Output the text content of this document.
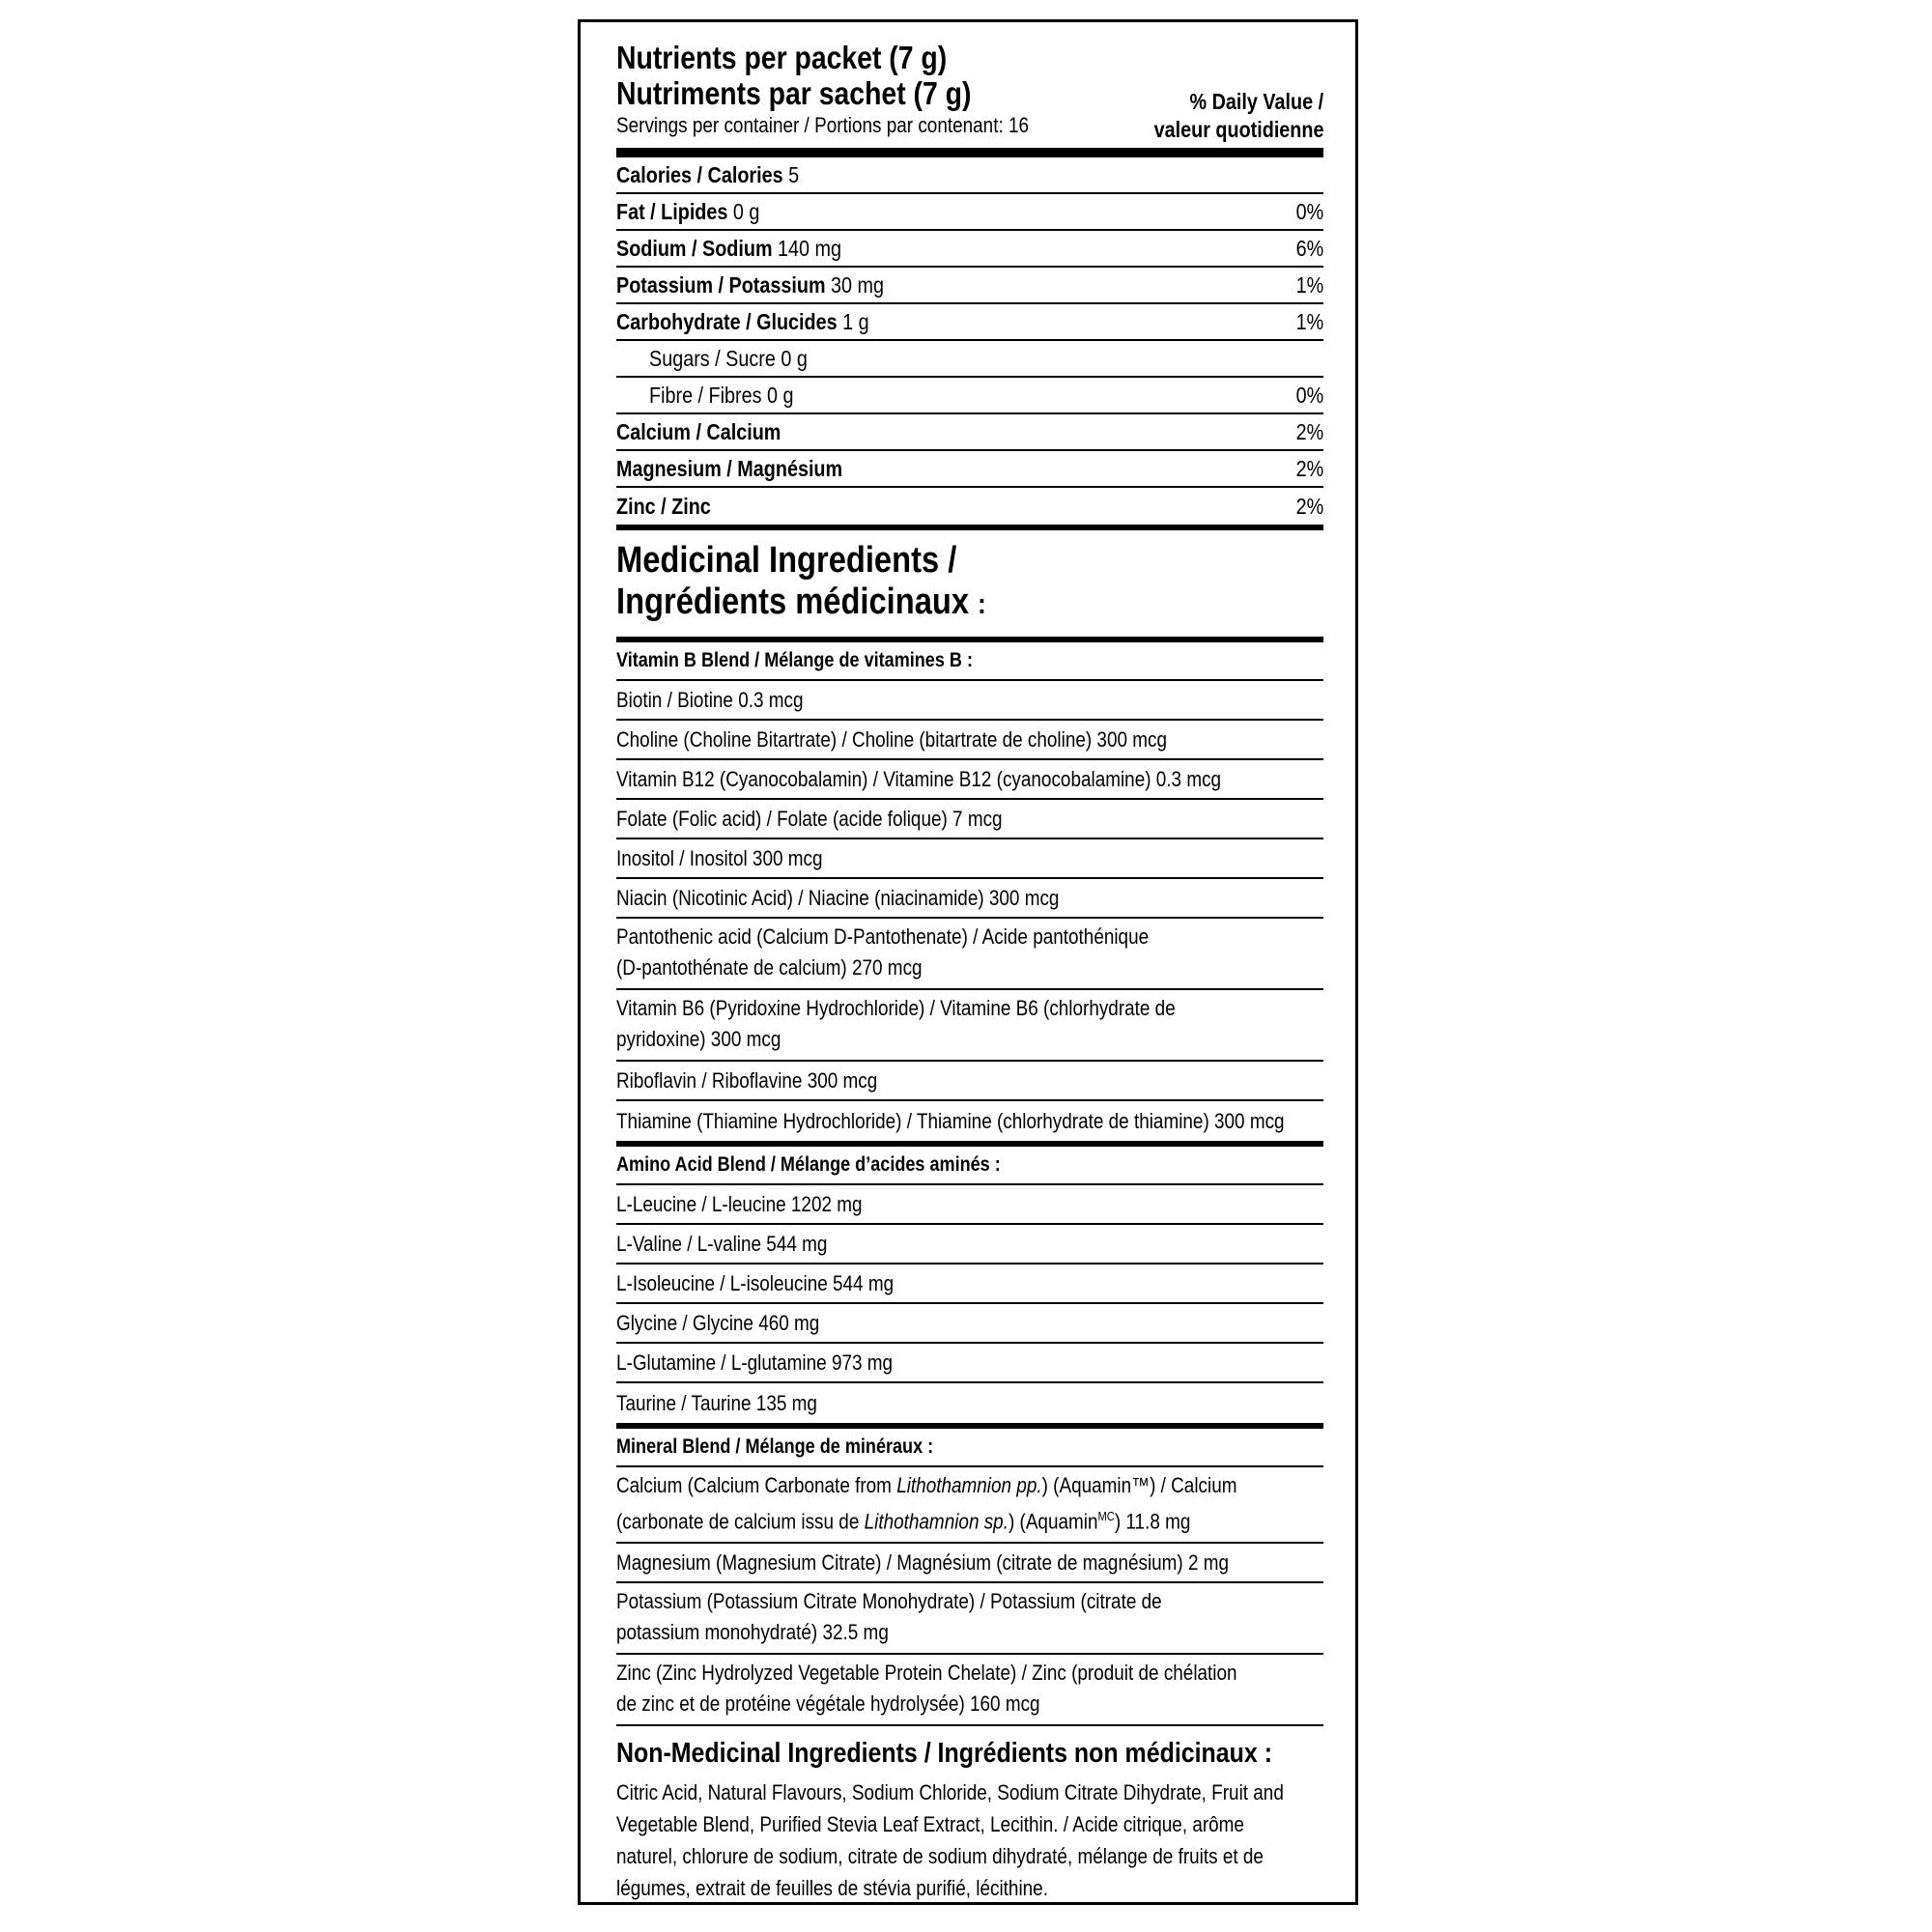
Nutrients per packet (7 g)
Nutriments par sachet (7 g)
Servings per container / Portions par contenant: 16
% Daily Value /
valeur quotidienne
Calories / Calories 5
Fat / Lipides 0 g	0%
Sodium / Sodium 140 mg	6%
Potassium / Potassium 30 mg	1%
Carbohydrate / Glucides 1 g	1%
Sugars / Sucre 0 g
Fibre / Fibres 0 g	0%
Calcium / Calcium	2%
Magnesium / Magnésium	2%
Zinc / Zinc	2%
Medicinal Ingredients /
Ingrédients médicinaux :
Vitamin B Blend / Mélange de vitamines B :
Biotin / Biotine 0.3 mcg
Choline (Choline Bitartrate) / Choline (bitartrate de choline) 300 mcg
Vitamin B12 (Cyanocobalamin) / Vitamine B12 (cyanocobalamine) 0.3 mcg
Folate (Folic acid) / Folate (acide folique) 7 mcg
Inositol / Inositol 300 mcg
Niacin (Nicotinic Acid) / Niacine (niacinamide) 300 mcg
Pantothenic acid (Calcium D-Pantothenate) / Acide pantothénique
(D-pantothénate de calcium) 270 mcg
Vitamin B6 (Pyridoxine Hydrochloride) / Vitamine B6 (chlorhydrate de
pyridoxine) 300 mcg
Riboflavin / Riboflavine 300 mcg
Thiamine (Thiamine Hydrochloride) / Thiamine (chlorhydrate de thiamine) 300 mcg
Amino Acid Blend / Mélange d’acides aminés :
L-Leucine / L-leucine 1202 mg
L-Valine / L-valine 544 mg
L-Isoleucine / L-isoleucine 544 mg
Glycine / Glycine 460 mg
L-Glutamine / L-glutamine 973 mg
Taurine / Taurine 135 mg
Mineral Blend / Mélange de minéraux :
Calcium (Calcium Carbonate from Lithothamnion pp.) (Aquamin™) / Calcium
(carbonate de calcium issu de Lithothamnion sp.) (Aquamin$^{MC}$) 11.8 mg
Magnesium (Magnesium Citrate) / Magnésium (citrate de magnésium) 2 mg
Potassium (Potassium Citrate Monohydrate) / Potassium (citrate de
potassium monohydraté) 32.5 mg
Zinc (Zinc Hydrolyzed Vegetable Protein Chelate) / Zinc (produit de chélation
de zinc et de protéine végétale hydrolysée) 160 mcg
Non-Medicinal Ingredients / Ingrédients non médicinaux :
Citric Acid, Natural Flavours, Sodium Chloride, Sodium Citrate Dihydrate, Fruit and
Vegetable Blend, Purified Stevia Leaf Extract, Lecithin. / Acide citrique, arôme
naturel, chlorure de sodium, citrate de sodium dihydraté, mélange de fruits et de
légumes, extrait de feuilles de stévia purifié, lécithine.
